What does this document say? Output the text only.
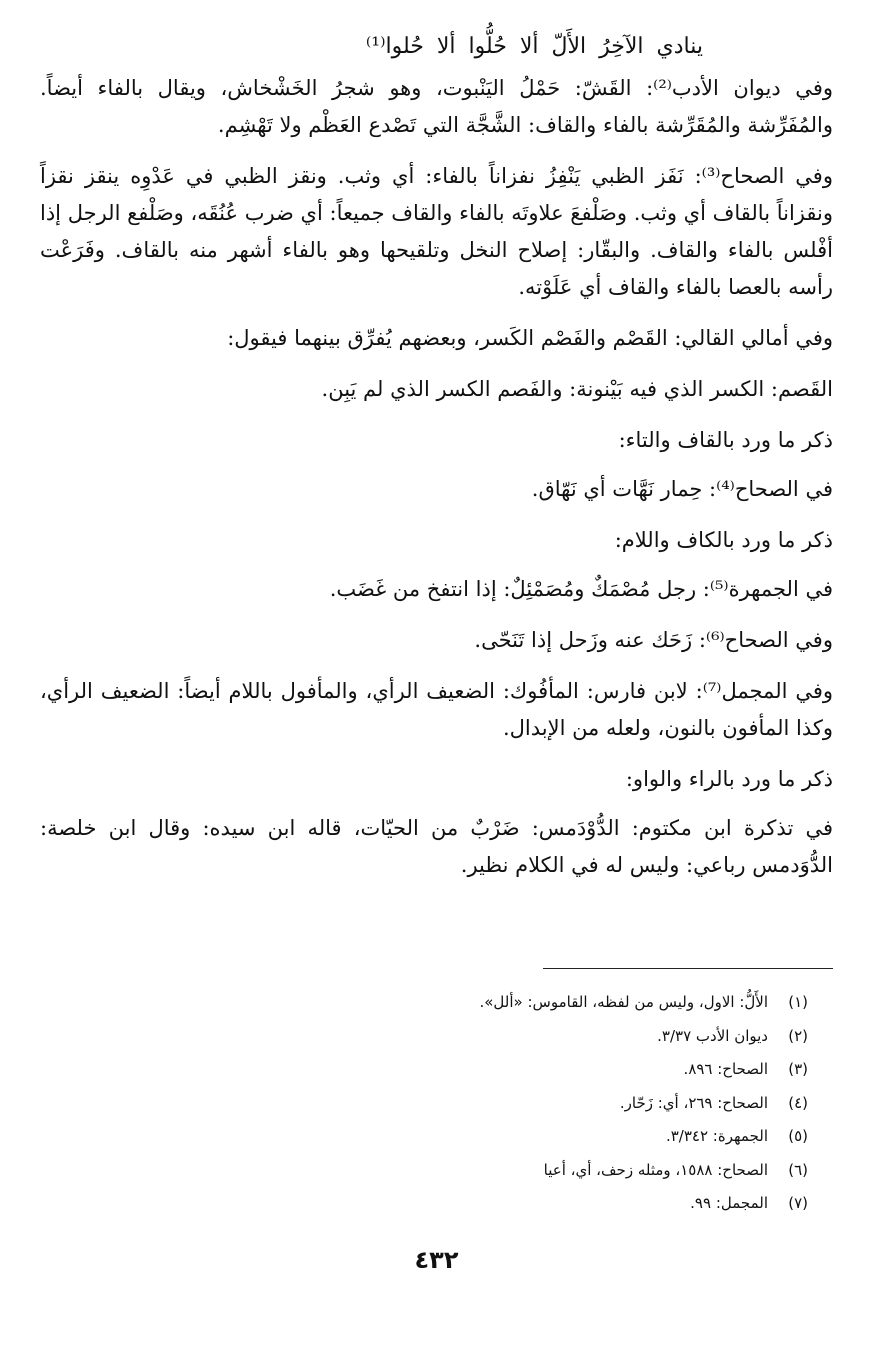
ينادي الآخِرُ الأَلّ ألا حُلُّوا ألا حُلوا⁽¹⁾

وفي ديوان الأدب⁽²⁾: القَشّ: حَمْلُ اليَنْبوت، وهو شجرُ الخَشْخاش، ويقال بالفاء أيضاً. والمُفَرِّشة والمُقَرِّشة بالفاء والقاف: الشَّجَّة التي تَصْدع العَظْم ولا تَهْشِم.

وفي الصحاح⁽³⁾: نَفَز الظبي يَنْفِزُ نفزاناً بالفاء: أي وثب. ونقز الظبي في عَدْوِه ينقز نقزاً ونقزاناً بالقاف أي وثب. وصَلْفعَ علاوتَه بالفاء والقاف جميعاً: أي ضرب عُنُقَه، وصَلْفع الرجل إذا أفْلس بالفاء والقاف. والبقّار: إصلاح النخل وتلقيحها وهو بالفاء أشهر منه بالقاف. وفَرَعْت رأسه بالعصا بالفاء والقاف أي عَلَوْته.

وفي أمالي القالي: القَصْم والفَصْم الكَسر، وبعضهم يُفرِّق بينهما فيقول:

القَصم: الكسر الذي فيه بَيْنونة: والفَصم الكسر الذي لم يَبِن.

ذكر ما ورد بالقاف والتاء:

في الصحاح⁽⁴⁾: حِمار نَهَّات أي نَهّاق.

ذكر ما ورد بالكاف واللام:

في الجمهرة⁽⁵⁾: رجل مُصْمَكٌ ومُصَمْئِلٌ: إذا انتفخ من غَضَب.

وفي الصحاح⁽⁶⁾: زَحَك عنه وزَحل إذا تَنَحّى.

وفي المجمل⁽⁷⁾: لابن فارس: المأفُوك: الضعيف الرأي، والمأفول باللام أيضاً: الضعيف الرأي، وكذا المأفون بالنون، ولعله من الإبدال.

ذكر ما ورد بالراء والواو:

في تذكرة ابن مكتوم: الدُّوْدَمس: ضَرْبٌ من الحيّات، قاله ابن سيده: وقال ابن خلصة: الدُّوَدمس رباعي: وليس له في الكلام نظير.

(١)الأَلُّ: الاول، وليس من لفظه، القاموس: «ألل».
(٢)ديوان الأدب ٣/٣٧.
(٣)الصحاح: ٨٩٦.
(٤)الصحاح: ٢٦٩، أي: زَحّار.
(٥)الجمهرة: ٣/٣٤٢.
(٦)الصحاح: ١٥٨٨، ومثله زحف، أي، أعيا
(٧)المجمل: ٩٩.
٤٣٢
